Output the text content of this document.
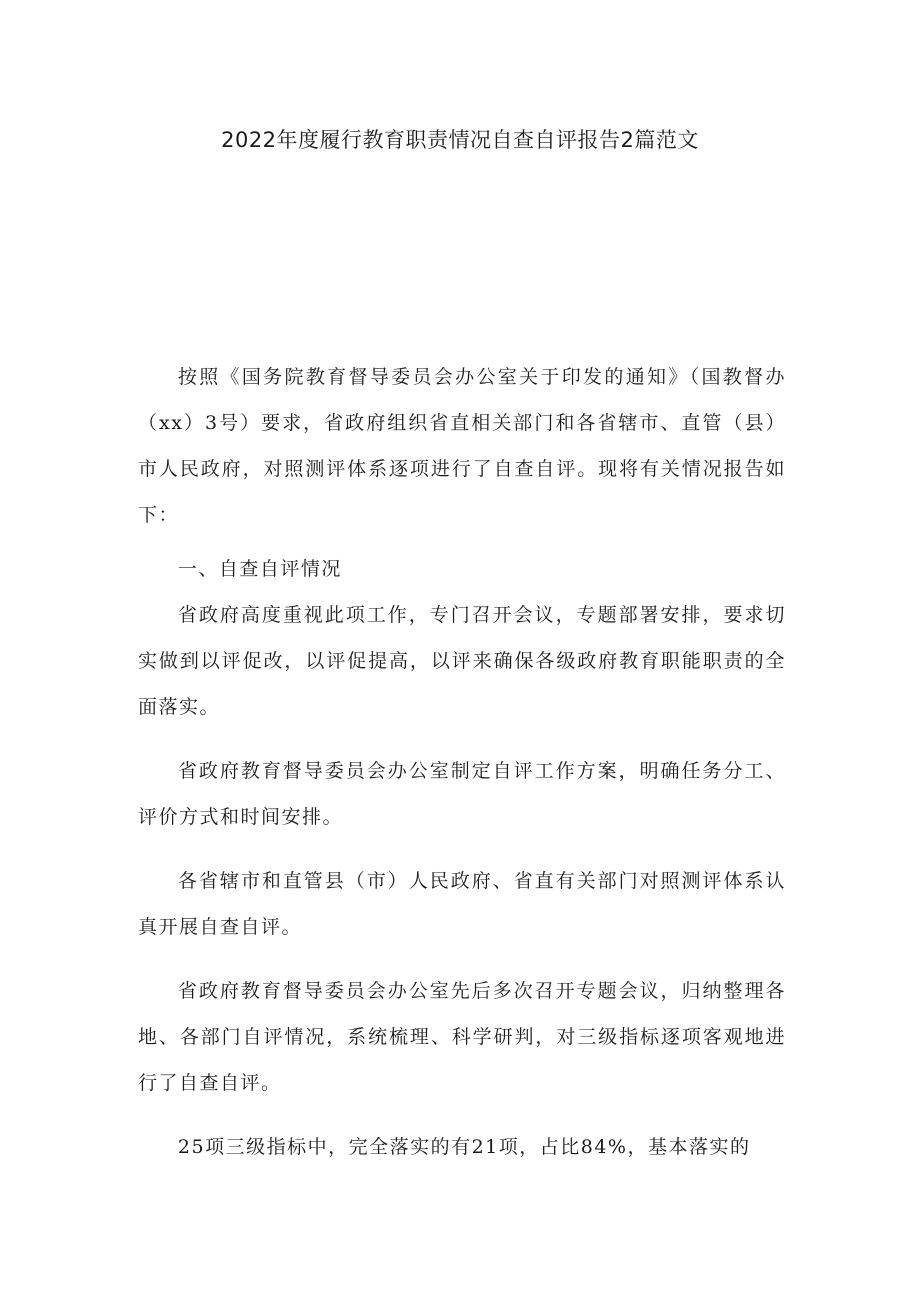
2022年度履行教育职责情况自查自评报告2篇范文

按照《国务院教育督导委员会办公室关于印发的通知》（国教督办（xx）3号）要求，省政府组织省直相关部门和各省辖市、直管（县）市人民政府，对照测评体系逐项进行了自查自评。现将有关情况报告如下：

一、自查自评情况

省政府高度重视此项工作，专门召开会议，专题部署安排，要求切实做到以评促改，以评促提高，以评来确保各级政府教育职能职责的全面落实。

省政府教育督导委员会办公室制定自评工作方案，明确任务分工、评价方式和时间安排。

各省辖市和直管县（市）人民政府、省直有关部门对照测评体系认真开展自查自评。

省政府教育督导委员会办公室先后多次召开专题会议，归纳整理各地、各部门自评情况，系统梳理、科学研判，对三级指标逐项客观地进行了自查自评。

25项三级指标中，完全落实的有21项，占比84%，基本落实的
